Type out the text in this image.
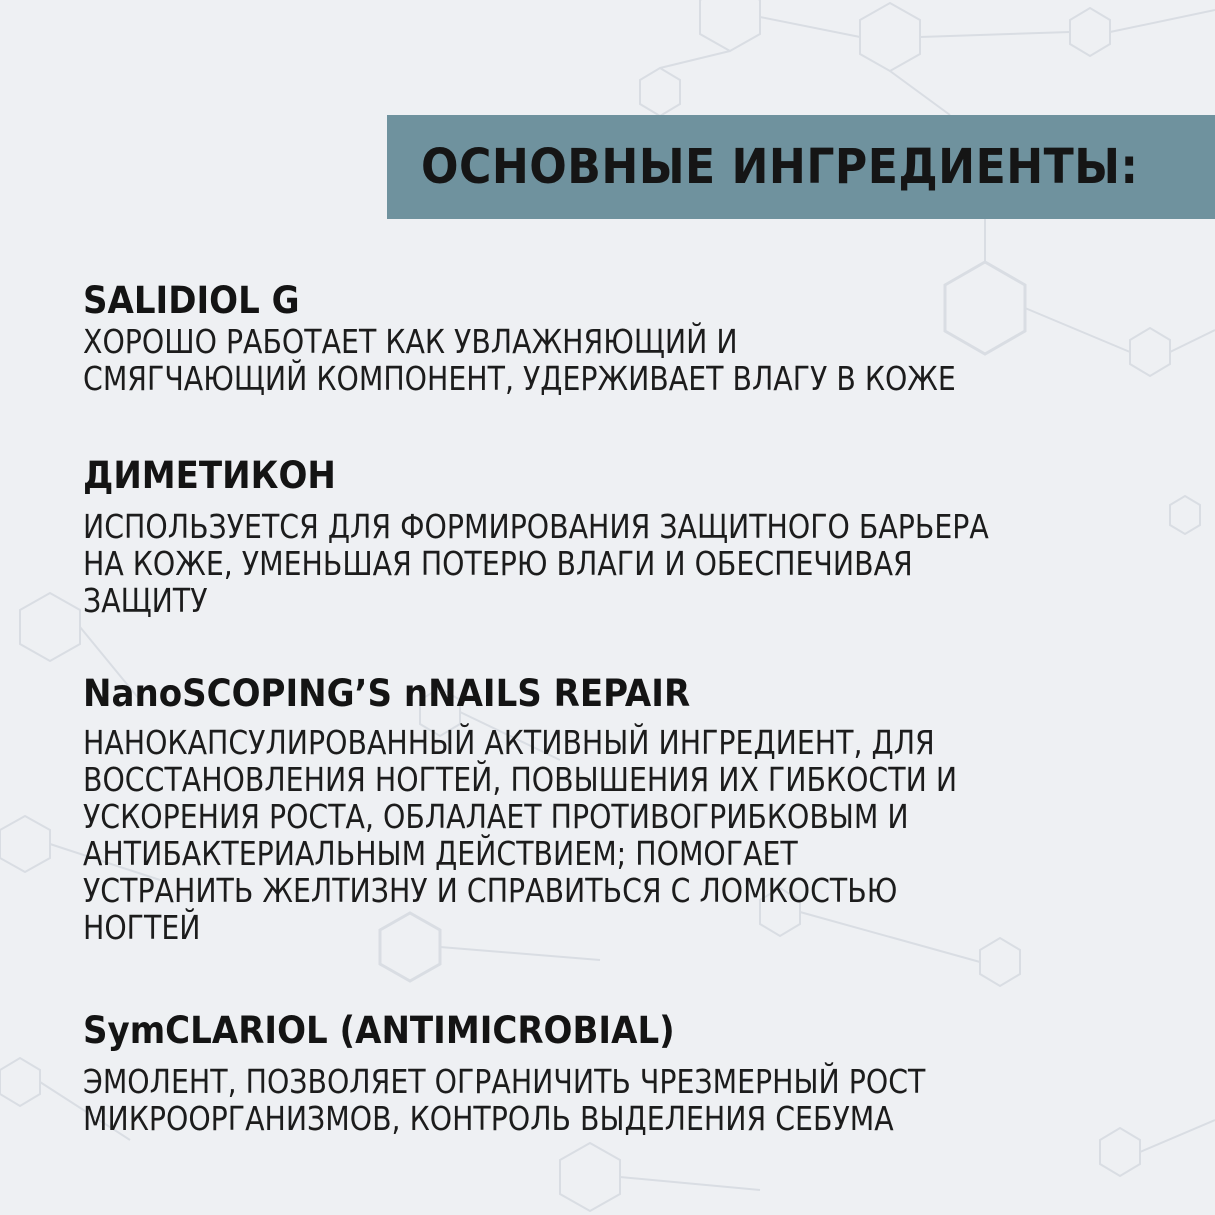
ОСНОВНЫЕ ИНГРЕДИЕНТЫ:
SALIDIOL G
ХОРОШО РАБОТАЕТ КАК УВЛАЖНЯЮЩИЙ И
СМЯГЧАЮЩИЙ КОМПОНЕНТ, УДЕРЖИВАЕТ ВЛАГУ В КОЖЕ
ДИМЕТИКОН
ИСПОЛЬЗУЕТСЯ ДЛЯ ФОРМИРОВАНИЯ ЗАЩИТНОГО БАРЬЕРА
НА КОЖЕ, УМЕНЬШАЯ ПОТЕРЮ ВЛАГИ И ОБЕСПЕЧИВАЯ
ЗАЩИТУ
NanoSCOPING’S nNAILS REPAIR
НАНОКАПСУЛИРОВАННЫЙ АКТИВНЫЙ ИНГРЕДИЕНТ, ДЛЯ
ВОССТАНОВЛЕНИЯ НОГТЕЙ, ПОВЫШЕНИЯ ИХ ГИБКОСТИ И
УСКОРЕНИЯ РОСТА, ОБЛАЛАЕТ ПРОТИВОГРИБКОВЫМ И
АНТИБАКТЕРИАЛЬНЫМ ДЕЙСТВИЕМ; ПОМОГАЕТ
УСТРАНИТЬ ЖЕЛТИЗНУ И СПРАВИТЬСЯ С ЛОМКОСТЬЮ
НОГТЕЙ
SymCLARIOL (ANTIMICROBIAL)
ЭМОЛЕНТ, ПОЗВОЛЯЕТ ОГРАНИЧИТЬ ЧРЕЗМЕРНЫЙ РОСТ
МИКРООРГАНИЗМОВ, КОНТРОЛЬ ВЫДЕЛЕНИЯ СЕБУМА
